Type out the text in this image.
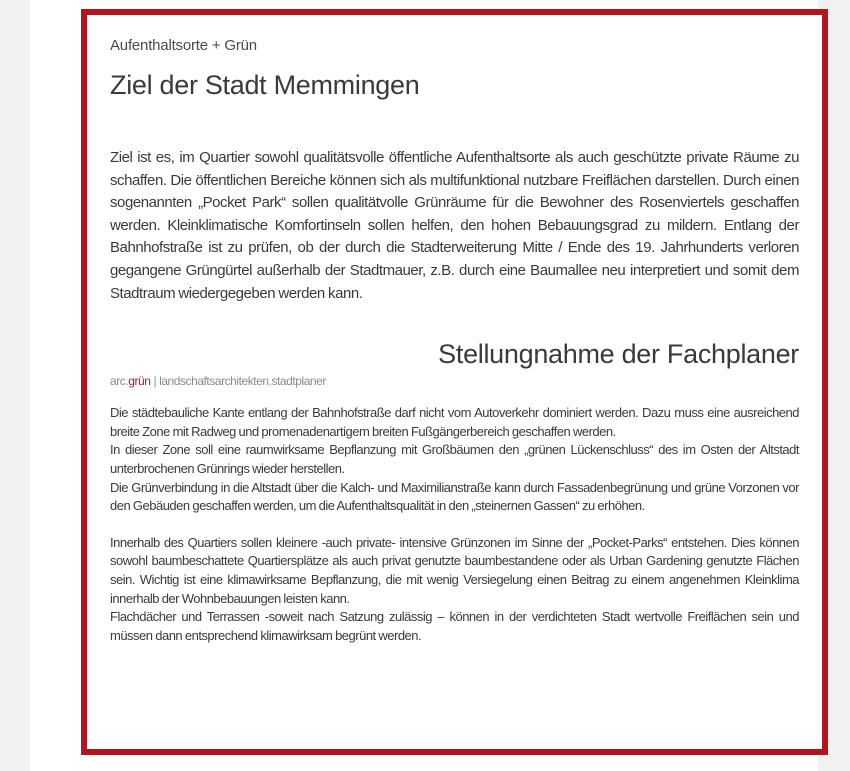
Aufenthaltsorte + Grün
Ziel der Stadt Memmingen

Ziel ist es, im Quartier sowohl qualitätsvolle öffentliche Aufenthaltsorte als auch geschützte private Räume zu schaffen. Die öffentlichen Bereiche können sich als multifunktional nutzbare Freiflächen darstellen. Durch einen sogenannten „Pocket Park“ sollen qualitätvolle Grünräume für die Bewohner des Rosenviertels geschaffen werden. Kleinklimatische Komfortinseln sollen helfen, den hohen Bebauungsgrad zu mildern. Entlang der Bahnhofstraße ist zu prüfen, ob der durch die Stadterweiterung Mitte / Ende des 19. Jahrhunderts verloren gegangene Grüngürtel außerhalb der Stadtmauer, z.B. durch eine Baumallee neu interpretiert und somit dem Stadtraum wiedergegeben werden kann.

Stellungnahme der Fachplaner
arc.grün | landschaftsarchitekten.stadtplaner

Die städtebauliche Kante entlang der Bahnhofstraße darf nicht vom Autoverkehr dominiert werden. Dazu muss eine ausreichend breite Zone mit Radweg und promenadenartigem breiten Fußgängerbereich geschaffen werden.

In dieser Zone soll eine raumwirksame Bepflanzung mit Großbäumen den „grünen Lückenschluss“ des im Osten der Altstadt unterbrochenen Grünrings wieder herstellen.

Die Grünverbindung in die Altstadt über die Kalch- und Maximilianstraße kann durch Fassadenbegrünung und grüne Vorzonen vor den Gebäuden geschaffen werden, um die Aufenthaltsqualität in den „steinernen Gassen“ zu erhöhen.

Innerhalb des Quartiers sollen kleinere -auch private- intensive Grünzonen im Sinne der „Pocket-Parks“ entstehen. Dies können sowohl baumbeschattete Quartiersplätze als auch privat genutzte baumbestandene oder als Urban Gardening genutzte Flächen sein. Wichtig ist eine klimawirksame Bepflanzung, die mit wenig Versiegelung einen Beitrag zu einem angenehmen Kleinklima innerhalb der Wohnbebauungen leisten kann.

Flachdächer und Terrassen -soweit nach Satzung zulässig – können in der verdichteten Stadt wertvolle Freiflächen sein und müssen dann entsprechend klimawirksam begrünt werden.
